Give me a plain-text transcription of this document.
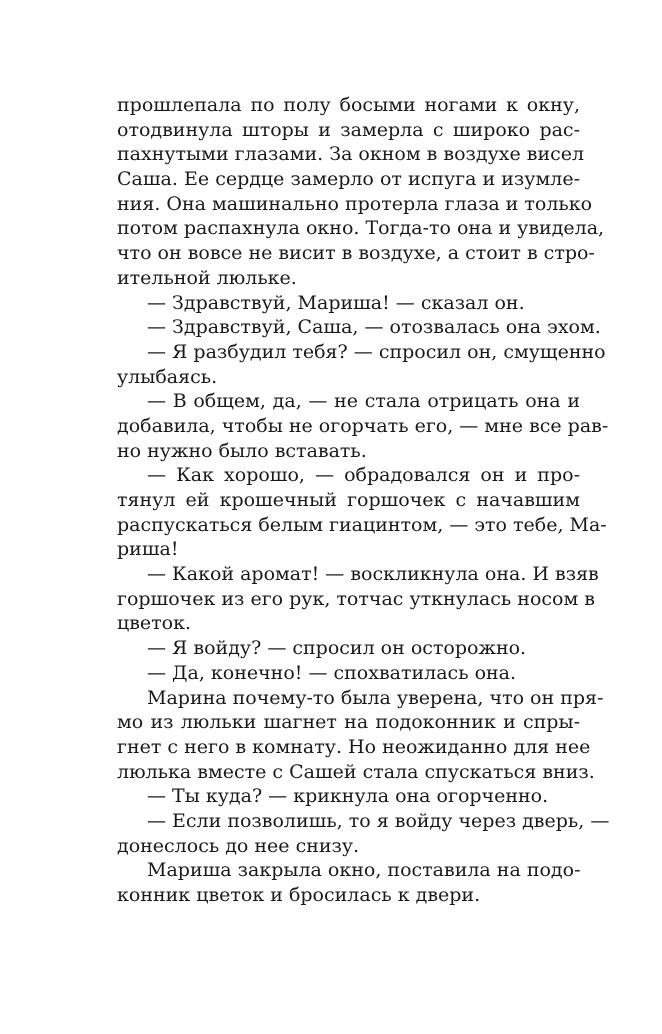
прошлепала по полу босыми ногами к окну,
отодвинула шторы и замерла с широко рас-
пахнутыми глазами. За окном в воздухе висел
Саша. Ее сердце замерло от испуга и изумле-
ния. Она машинально протерла глаза и только
потом распахнула окно. Тогда-то она и увидела,
что он вовсе не висит в воздухе, а стоит в стро-
ительной люльке.
— Здравствуй, Мариша! — сказал он.
— Здравствуй, Саша, — отозвалась она эхом.
— Я разбудил тебя? — спросил он, смущенно
улыбаясь.
— В общем, да, — не стала отрицать она и
добавила, чтобы не огорчать его, — мне все рав-
но нужно было вставать.
— Как хорошо, — обрадовался он и про-
тянул ей крошечный горшочек с начавшим
распускаться белым гиацинтом, — это тебе, Ма-
риша!
— Какой аромат! — воскликнула она. И взяв
горшочек из его рук, тотчас уткнулась носом в
цветок.
— Я войду? — спросил он осторожно.
— Да, конечно! — спохватилась она.
Марина почему-то была уверена, что он пря-
мо из люльки шагнет на подоконник и спры-
гнет с него в комнату. Но неожиданно для нее
люлька вместе с Сашей стала спускаться вниз.
— Ты куда? — крикнула она огорченно.
— Если позволишь, то я войду через дверь, —
донеслось до нее снизу.
Мариша закрыла окно, поставила на подо-
конник цветок и бросилась к двери.
